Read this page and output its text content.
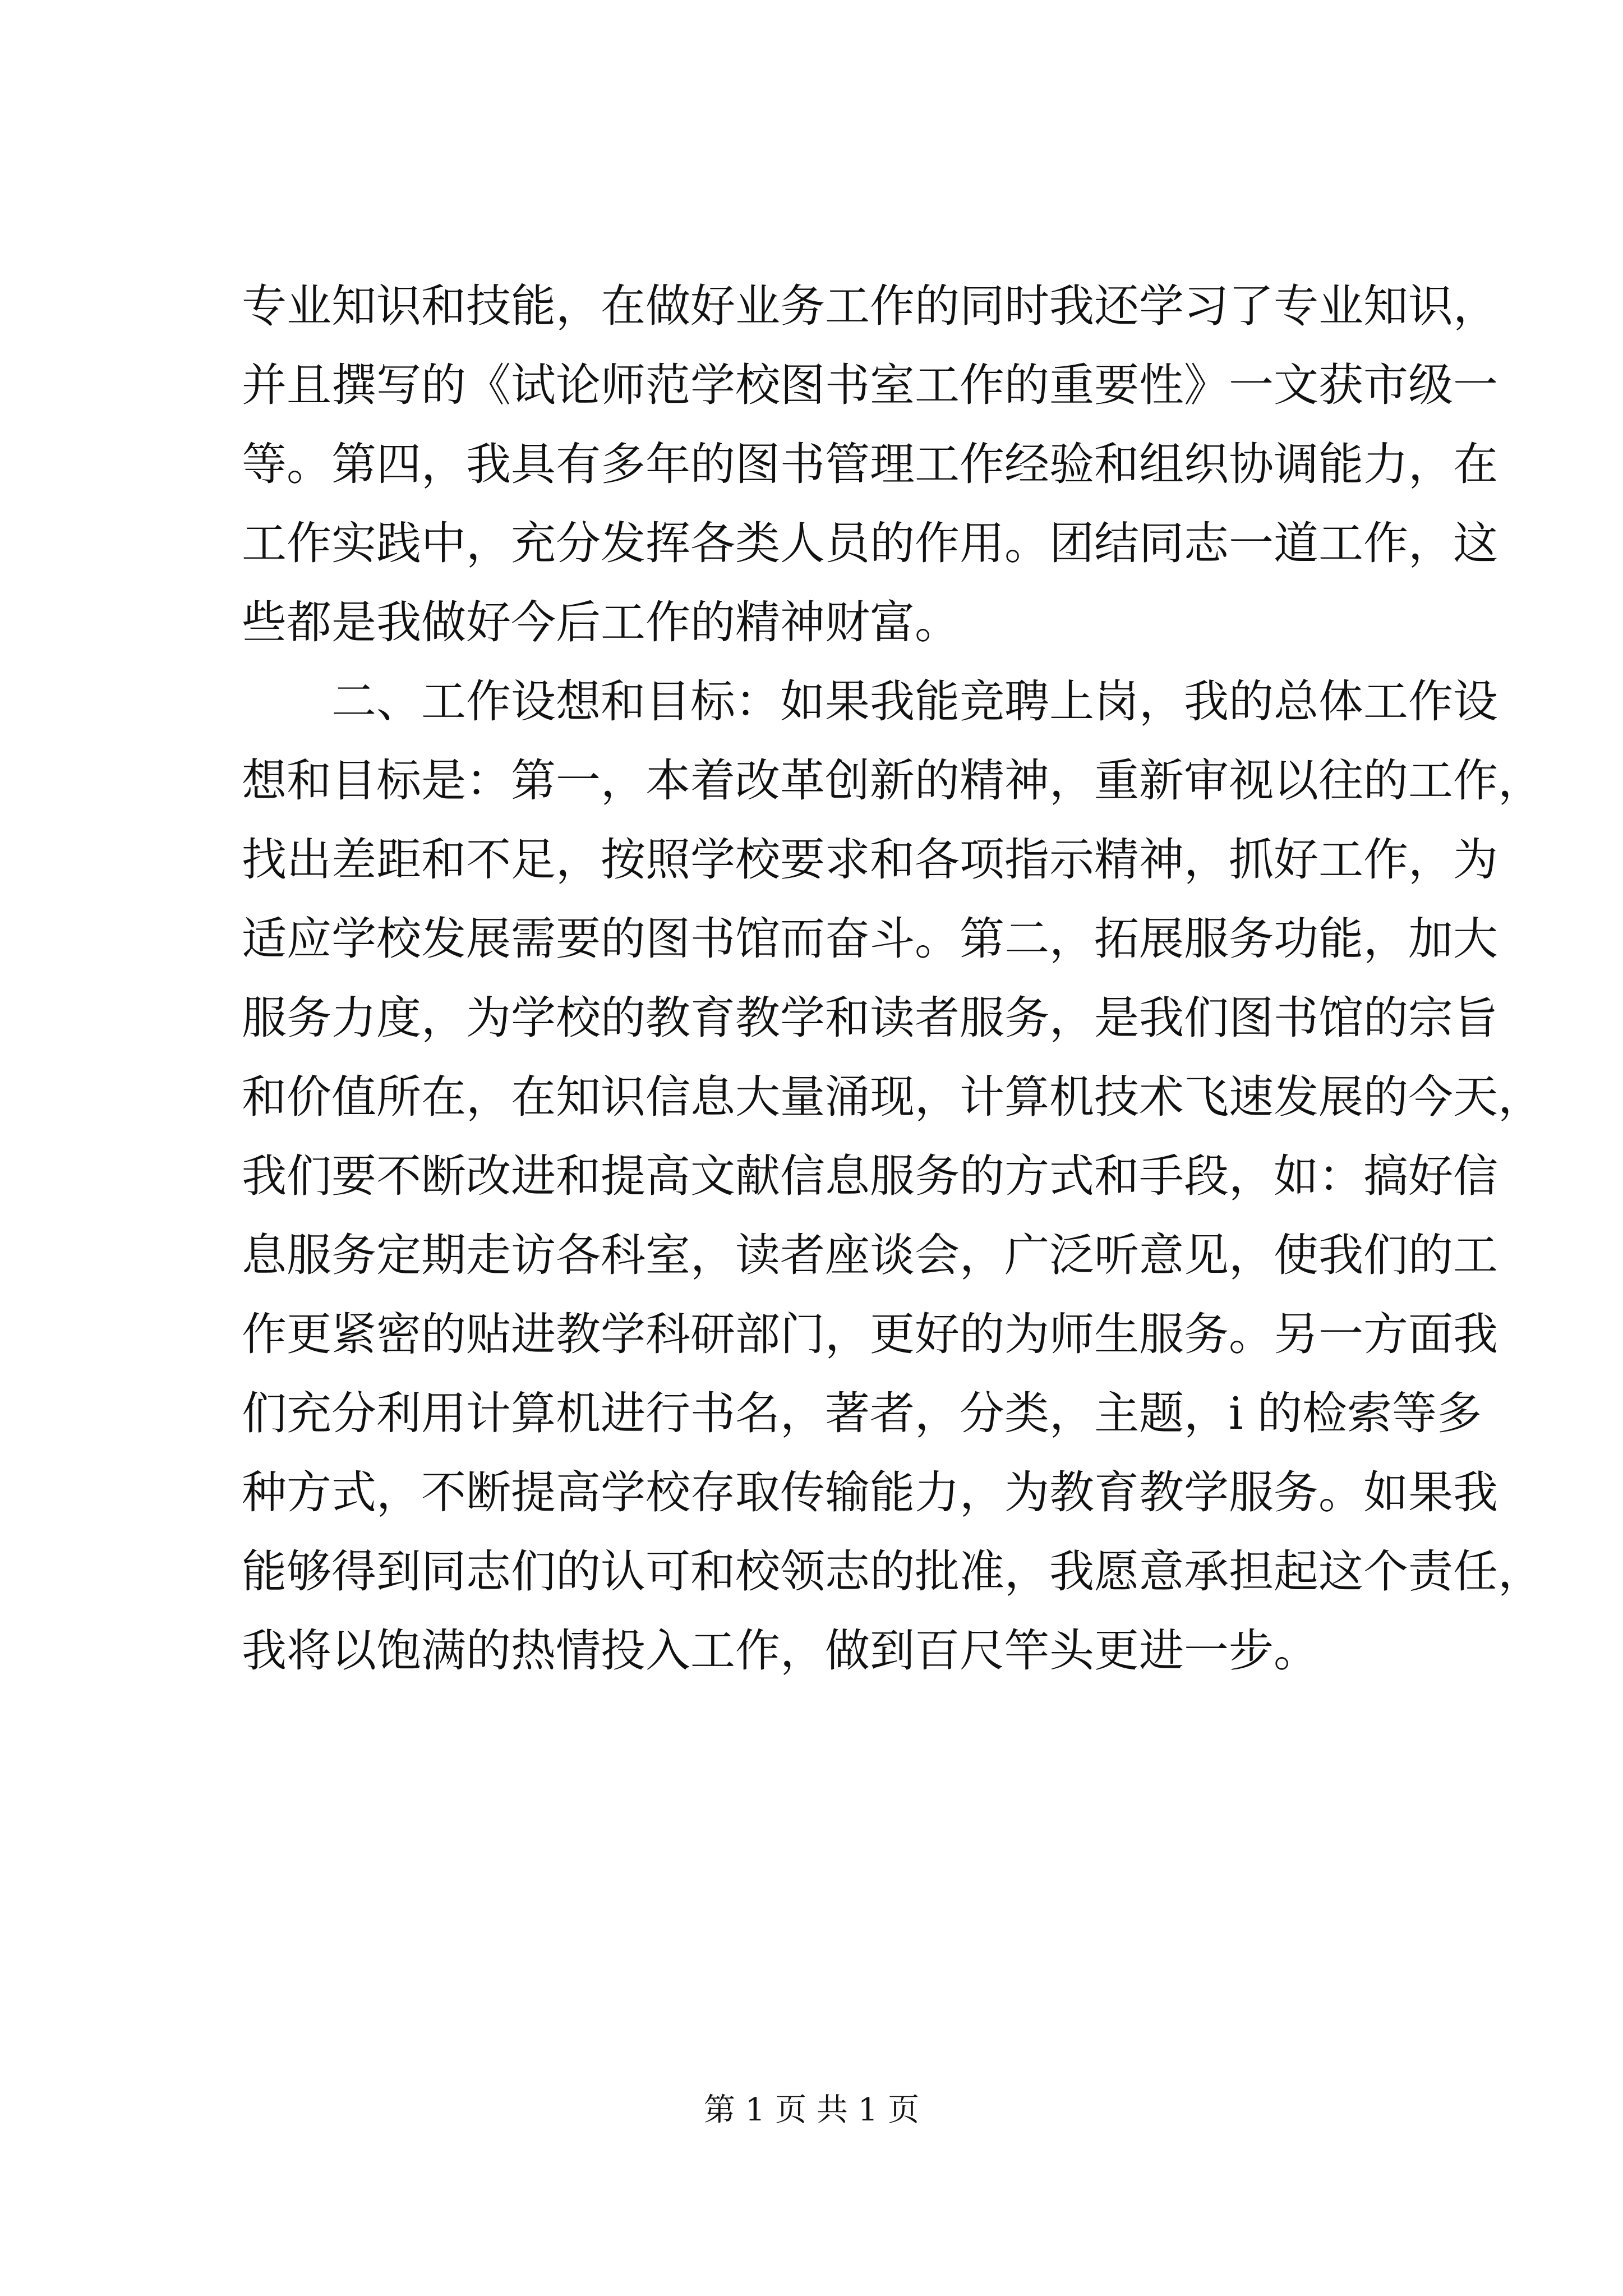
专业知识和技能，在做好业务工作的同时我还学习了专业知识，
并且撰写的《试论师范学校图书室工作的重要性》一文获市级一
等。第四，我具有多年的图书管理工作经验和组织协调能力，在
工作实践中，充分发挥各类人员的作用。团结同志一道工作，这
些都是我做好今后工作的精神财富。
　　二、工作设想和目标：如果我能竞聘上岗，我的总体工作设
想和目标是：第一，本着改革创新的精神，重新审视以往的工作，
找出差距和不足，按照学校要求和各项指示精神，抓好工作，为
适应学校发展需要的图书馆而奋斗。第二，拓展服务功能，加大
服务力度，为学校的教育教学和读者服务，是我们图书馆的宗旨
和价值所在，在知识信息大量涌现，计算机技术飞速发展的今天，
我们要不断改进和提高文献信息服务的方式和手段，如：搞好信
息服务定期走访各科室，读者座谈会，广泛听意见，使我们的工
作更紧密的贴进教学科研部门，更好的为师生服务。另一方面我
们充分利用计算机进行书名，著者，分类，主题，i 的检索等多
种方式，不断提高学校存取传输能力，为教育教学服务。如果我
能够得到同志们的认可和校领志的批准，我愿意承担起这个责任，
我将以饱满的热情投入工作，做到百尺竿头更进一步。
第 1 页 共 1 页
